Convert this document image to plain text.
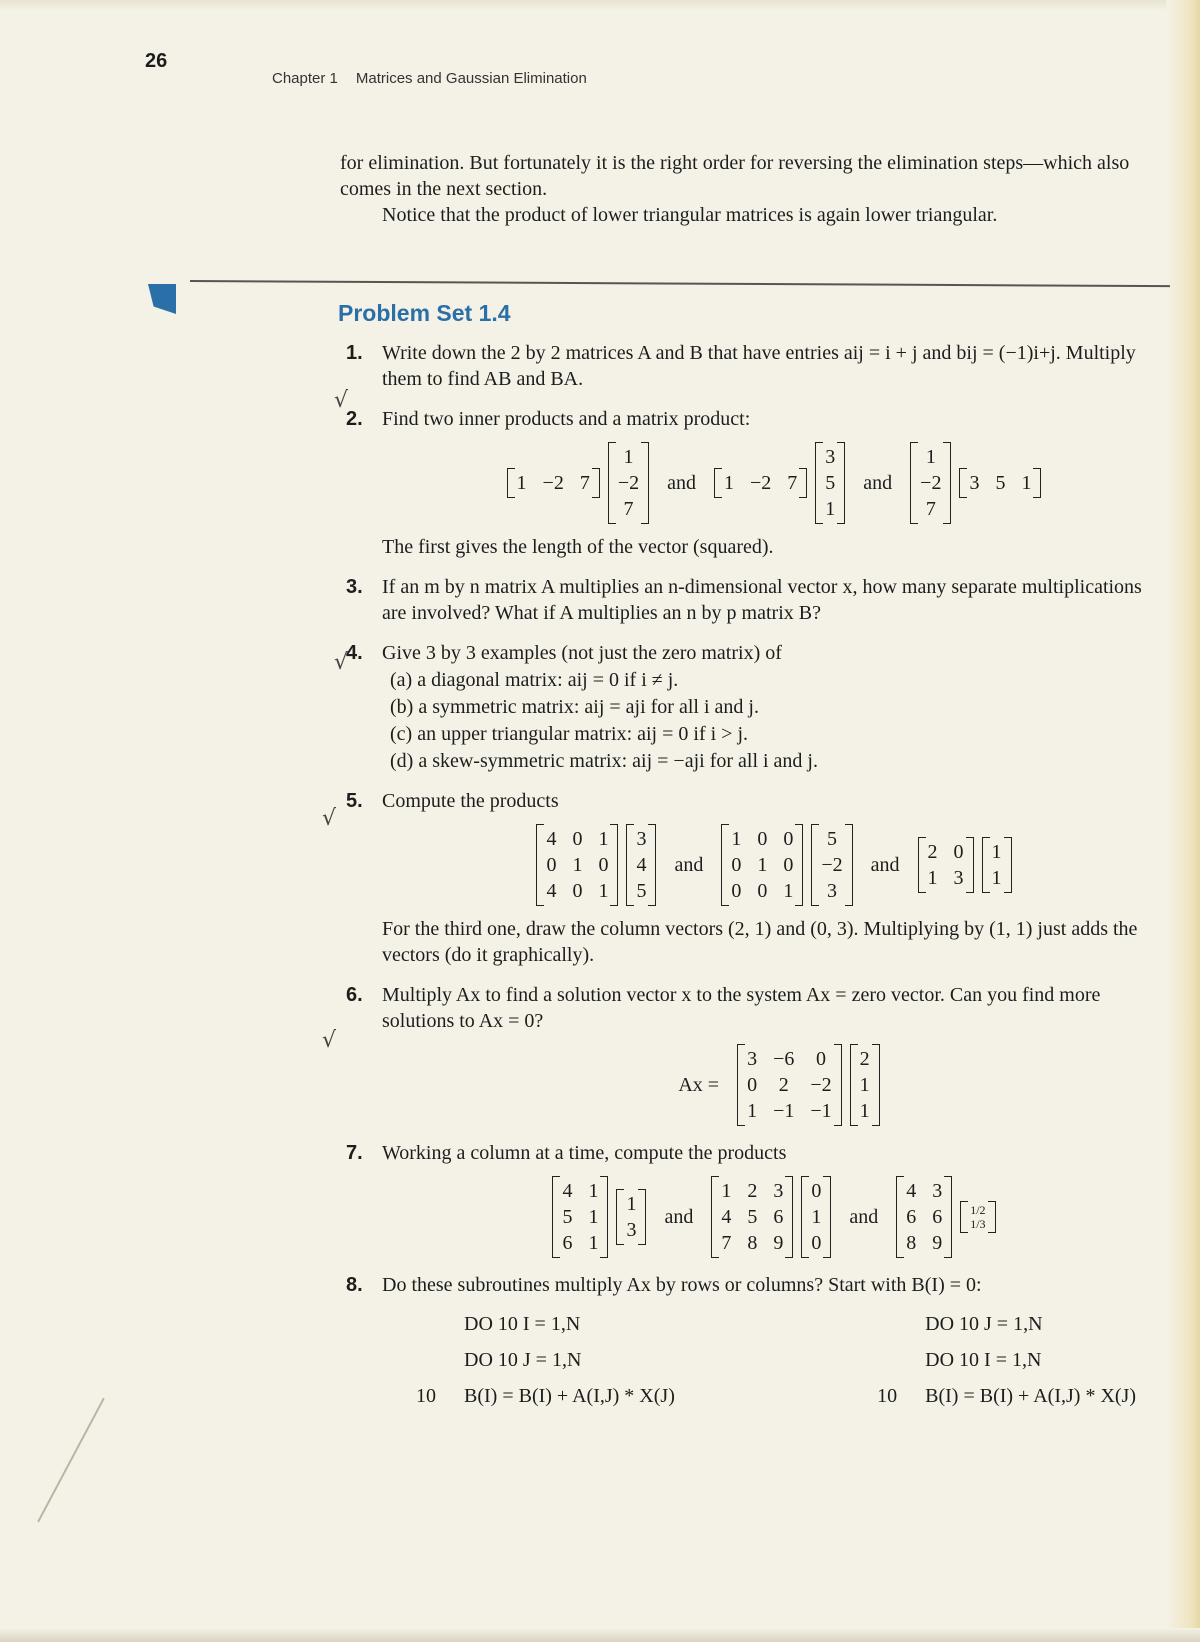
26
Chapter 1 Matrices and Gaussian Elimination

for elimination. But fortunately it is the right order for reversing the elimination steps—which also comes in the next section.

Notice that the product of lower triangular matrices is again lower triangular.

Problem Set 1.4
1. Write down the 2 by 2 matrices A and B that have entries aij = i + j and bij = (−1)i+j. Multiply them to find AB and BA.

2. Find two inner products and a matrix product:

1 −2 7
1
−2
7
and	1 −2 7
3
5
1
and
1
−2
7
3 5 1

The first gives the length of the vector (squared).

3. If an m by n matrix A multiplies an n-dimensional vector x, how many separate multiplications are involved? What if A multiplies an n by p matrix B?

4. Give 3 by 3 examples (not just the zero matrix) of

(a) a diagonal matrix: aij = 0 if i ≠ j.
(b) a symmetric matrix: aij = aji for all i and j.
(c) an upper triangular matrix: aij = 0 if i > j.
(d) a skew-symmetric matrix: aij = −aji for all i and j.
5. Compute the products

4 0 1
0 1 0
4 0 1
3
4
5
and
1 0 0
0 1 0
0 0 1
5
−2
3
and
2 0
1 3
1
1

For the third one, draw the column vectors (2, 1) and (0, 3). Multiplying by (1, 1) just adds the vectors (do it graphically).

6. Multiply Ax to find a solution vector x to the system Ax = zero vector. Can you find more solutions to Ax = 0?

Ax =
3 −6 0
0 2 −2
1 −1 −1
2
1
1
7. Working a column at a time, compute the products

4 1
5 1
6 1
1
3
and
1 2 3
4 5 6
7 8 9
0
1
0
and
4 3
6 6
8 9
1/2
1/3
8. Do these subroutines multiply Ax by rows or columns? Start with B(I) = 0:

DO 10 I = 1,N
DO 10 J = 1,N
10 B(I) = B(I) + A(I,J) * X(J)
DO 10 J = 1,N
DO 10 I = 1,N
10 B(I) = B(I) + A(I,J) * X(J)
√
√
√
√
